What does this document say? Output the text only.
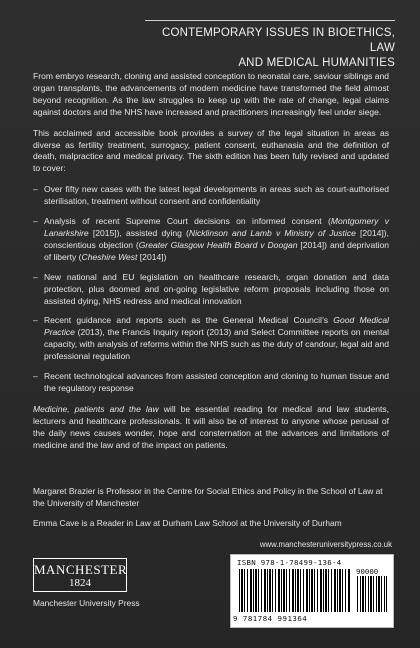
CONTEMPORARY ISSUES IN BIOETHICS, LAW
AND MEDICAL HUMANITIES

From embryo research, cloning and assisted conception to neonatal care, saviour siblings and organ transplants, the advancements of modern medicine have transformed the field almost beyond recognition. As the law struggles to keep up with the rate of change, legal claims against doctors and the NHS have increased and practitioners increasingly feel under siege.

This acclaimed and accessible book provides a survey of the legal situation in areas as diverse as fertility treatment, surrogacy, patient consent, euthanasia and the definition of death, malpractice and medical privacy. The sixth edition has been fully revised and updated to cover:

– Over fifty new cases with the latest legal developments in areas such as court-authorised sterilisation, treatment without consent and confidentiality
– Analysis of recent Supreme Court decisions on informed consent (Montgomery v Lanarkshire [2015]), assisted dying (Nicklinson and Lamb v Ministry of Justice [2014]), conscientious objection (Greater Glasgow Health Board v Doogan [2014]) and deprivation of liberty (Cheshire West [2014])
– New national and EU legislation on healthcare research, organ donation and data protection, plus doomed and on-going legislative reform proposals including those on assisted dying, NHS redress and medical innovation
– Recent guidance and reports such as the General Medical Council’s Good Medical Practice (2013), the Francis Inquiry report (2013) and Select Committee reports on mental capacity, with analysis of reforms within the NHS such as the duty of candour, legal aid and professional regulation
– Recent technological advances from assisted conception and cloning to human tissue and the regulatory response

Medicine, patients and the law will be essential reading for medical and law students, lecturers and healthcare professionals. It will also be of interest to anyone whose perusal of the daily news causes wonder, hope and consternation at the advances and limitations of medicine and the law and of the impact on patients.

Margaret Brazier is Professor in the Centre for Social Ethics and Policy in the School of Law at the University of Manchester

Emma Cave is a Reader in Law at Durham Law School at the University of Durham

www.manchesteruniversitypress.co.uk
ISBN 978-1-78499-136-4
90000
9 781784 991364
MANCHESTER
1824
Manchester University Press
